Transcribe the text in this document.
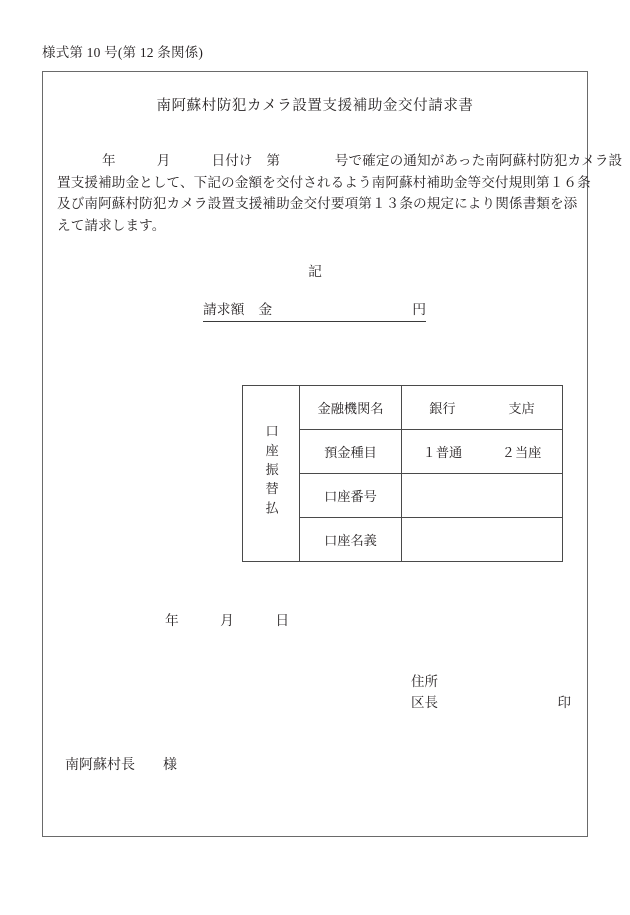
様式第 10 号(第 12 条関係)
南阿蘇村防犯カメラ設置支援補助金交付請求書
年　　　月　　　日付け　第　　　　号で確定の通知があった南阿蘇村防犯カメラ設
置支援補助金として、下記の金額を交付されるよう南阿蘇村補助金等交付規則第１６条
及び南阿蘇村防犯カメラ設置支援補助金交付要項第１３条の規定により関係書類を添
えて請求します。
記
請求額 金	円
口座振替払	金融機関名	銀行　　　　支店
	預金種目	１普通　　　２当座
	口座番号	
	口座名義	
年　　　月　　　日
住所
区長	印
南阿蘇村長　　様
